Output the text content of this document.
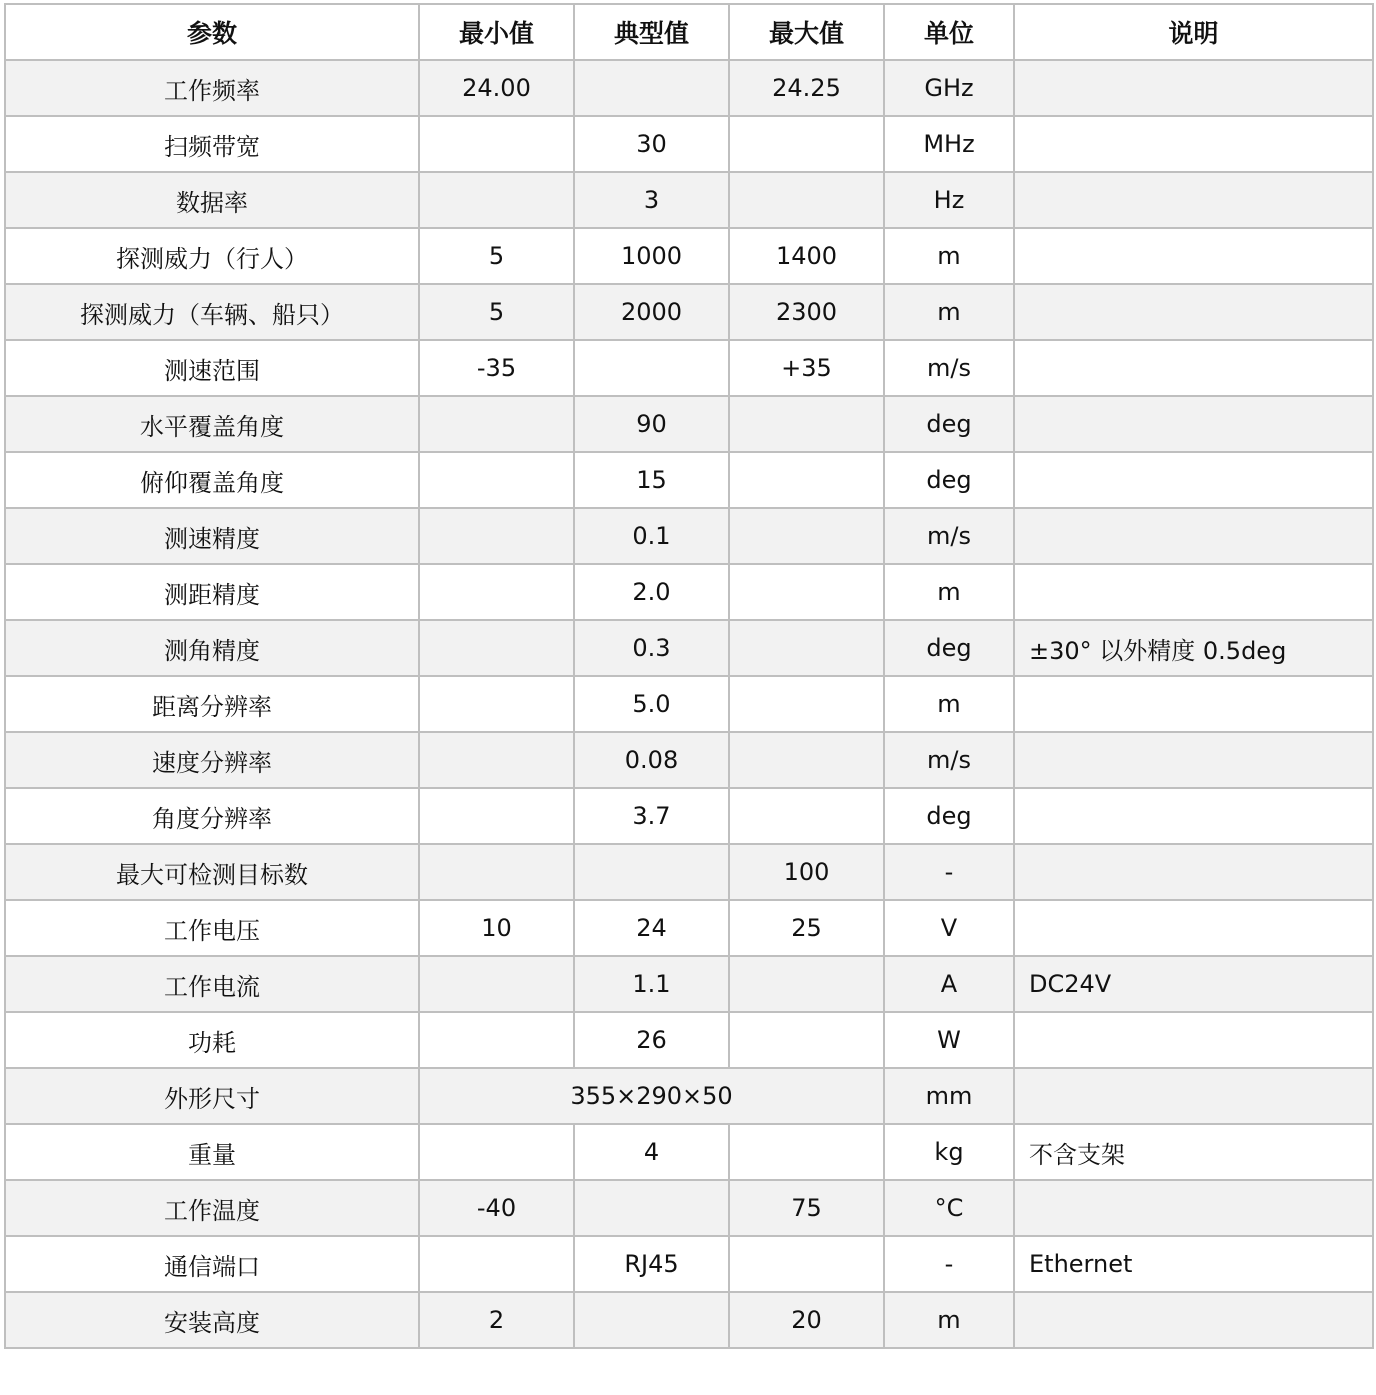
参数	最小值	典型值	最大值	单位	说明
工作频率	24.00		24.25	GHz	
扫频带宽		30		MHz	
数据率		3		Hz	
探测威力（行人）	5	1000	1400	m	
探测威力（车辆、船只）	5	2000	2300	m	
测速范围	-35		+35	m/s	
水平覆盖角度		90		deg	
俯仰覆盖角度		15		deg	
测速精度		0.1		m/s	
测距精度		2.0		m	
测角精度		0.3		deg	±30° 以外精度 0.5deg
距离分辨率		5.0		m	
速度分辨率		0.08		m/s	
角度分辨率		3.7		deg	
最大可检测目标数			100	-	
工作电压	10	24	25	V	
工作电流		1.1		A	DC24V
功耗		26		W	
外形尺寸	355×290×50			mm	
重量		4		kg	不含支架
工作温度	-40		75	°C	
通信端口		RJ45		-	Ethernet
安装高度	2		20	m	
